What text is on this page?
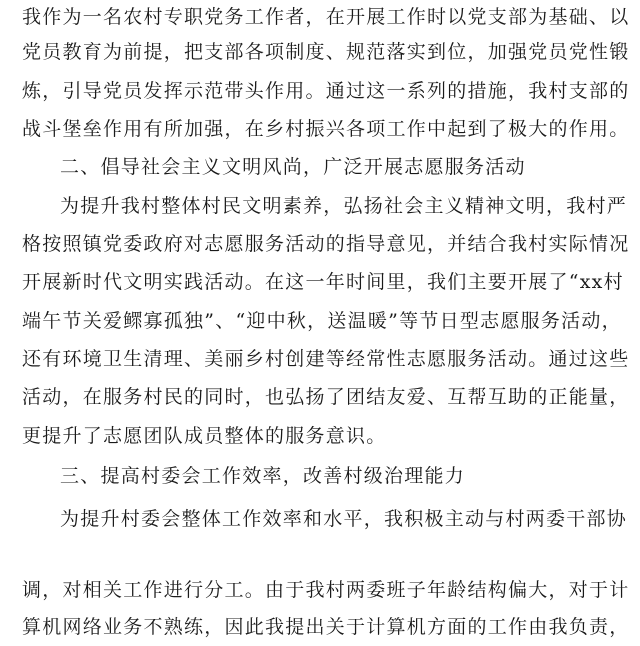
我作为一名农村专职党务工作者，在开展工作时以党支部为基础、以

党员教育为前提，把支部各项制度、规范落实到位，加强党员党性锻

炼，引导党员发挥示范带头作用。通过这一系列的措施，我村支部的

战斗堡垒作用有所加强，在乡村振兴各项工作中起到了极大的作用。

二、倡导社会主义文明风尚，广泛开展志愿服务活动

为提升我村整体村民文明素养，弘扬社会主义精神文明，我村严

格按照镇党委政府对志愿服务活动的指导意见，并结合我村实际情况

开展新时代文明实践活动。在这一年时间里，我们主要开展了“xx村

端午节关爱鳏寡孤独”、“迎中秋，送温暖”等节日型志愿服务活动，

还有环境卫生清理、美丽乡村创建等经常性志愿服务活动。通过这些

活动，在服务村民的同时，也弘扬了团结友爱、互帮互助的正能量，

更提升了志愿团队成员整体的服务意识。

三、提高村委会工作效率，改善村级治理能力

为提升村委会整体工作效率和水平，我积极主动与村两委干部协

调，对相关工作进行分工。由于我村两委班子年龄结构偏大，对于计

算机网络业务不熟练，因此我提出关于计算机方面的工作由我负责，
